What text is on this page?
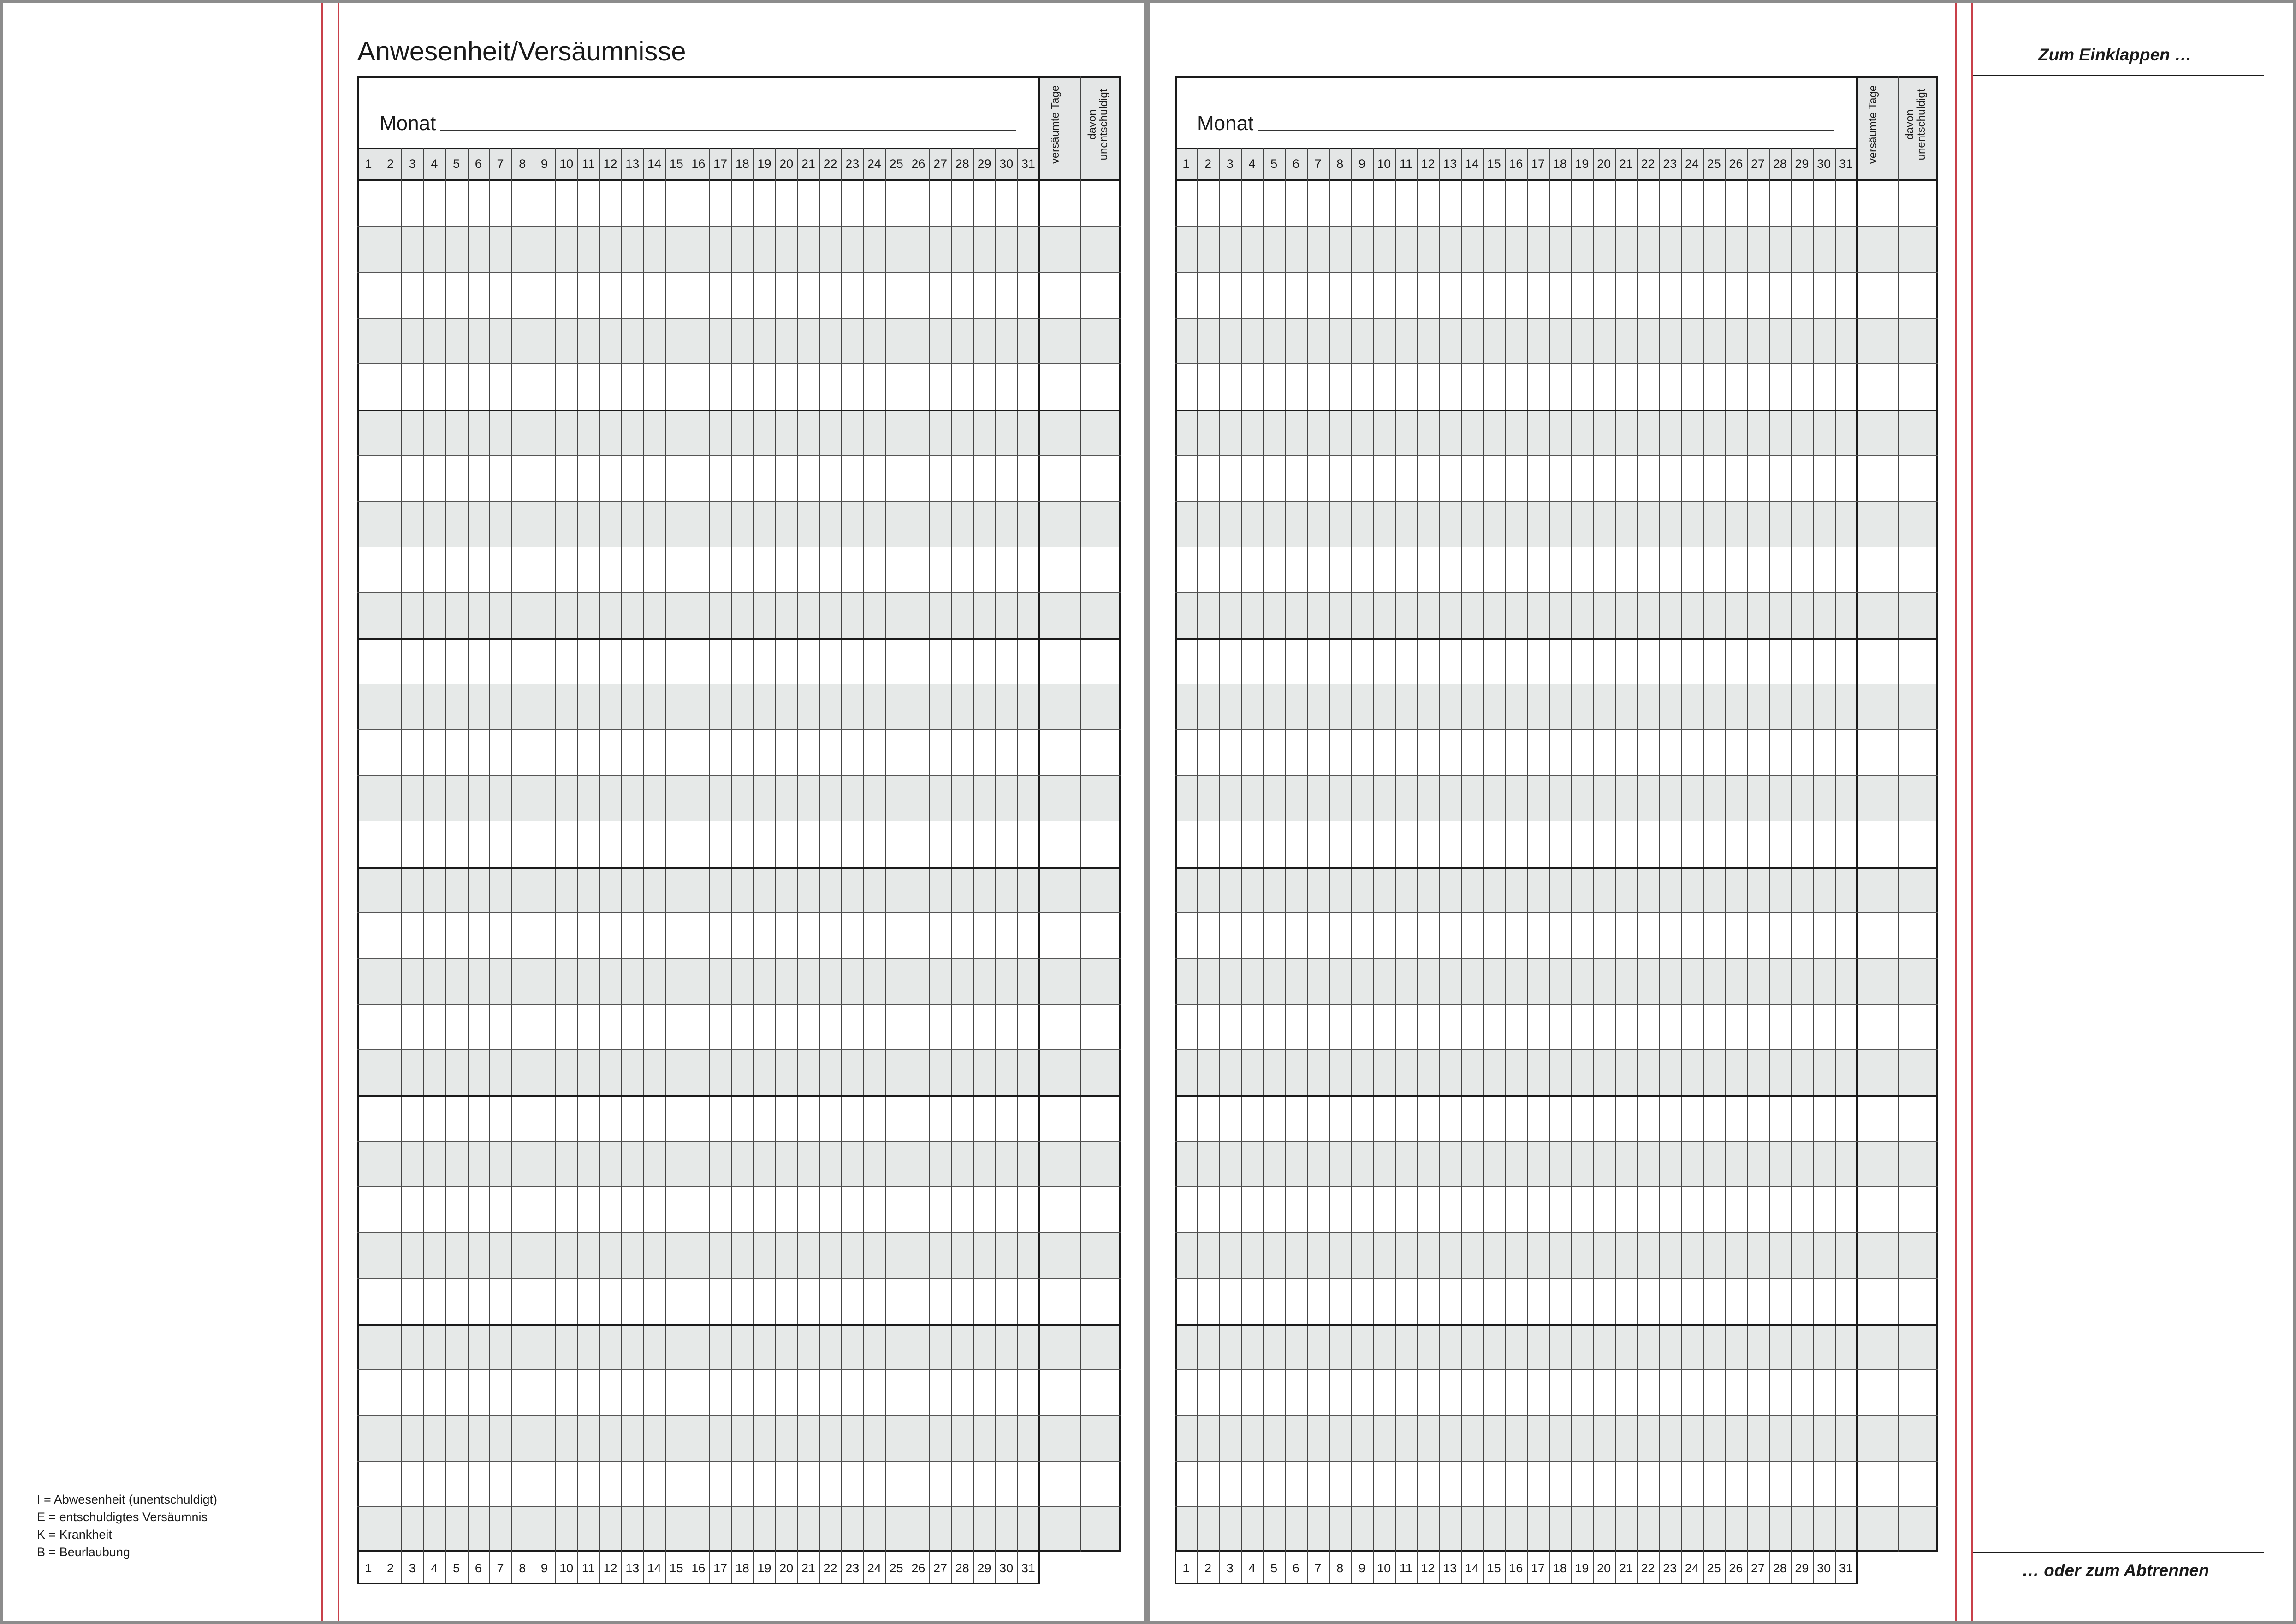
Anwesenheit/Versäumnisse
Monat
1
1
2
2
3
3
4
4
5
5
6
6
7
7
8
8
9
9
10
10
11
11
12
12
13
13
14
14
15
15
16
16
17
17
18
18
19
19
20
20
21
21
22
22
23
23
24
24
25
25
26
26
27
27
28
28
29
29
30
30
31
31
versäumte Tage davon unentschuldigt	Monat
1
1
2
2
3
3
4
4
5
5
6
6
7
7
8
8
9
9
10
10
11
11
12
12
13
13
14
14
15
15
16
16
17
17
18
18
19
19
20
20
21
21
22
22
23
23
24
24
25
25
26
26
27
27
28
28
29
29
30
30
31
31
versäumte Tage davon unentschuldigt
I = Abwesenheit (unentschuldigt)
E = entschuldigtes Versäumnis
K = Krankheit
B = Beurlaubung
Zum Einklappen …
… oder zum Abtrennen
